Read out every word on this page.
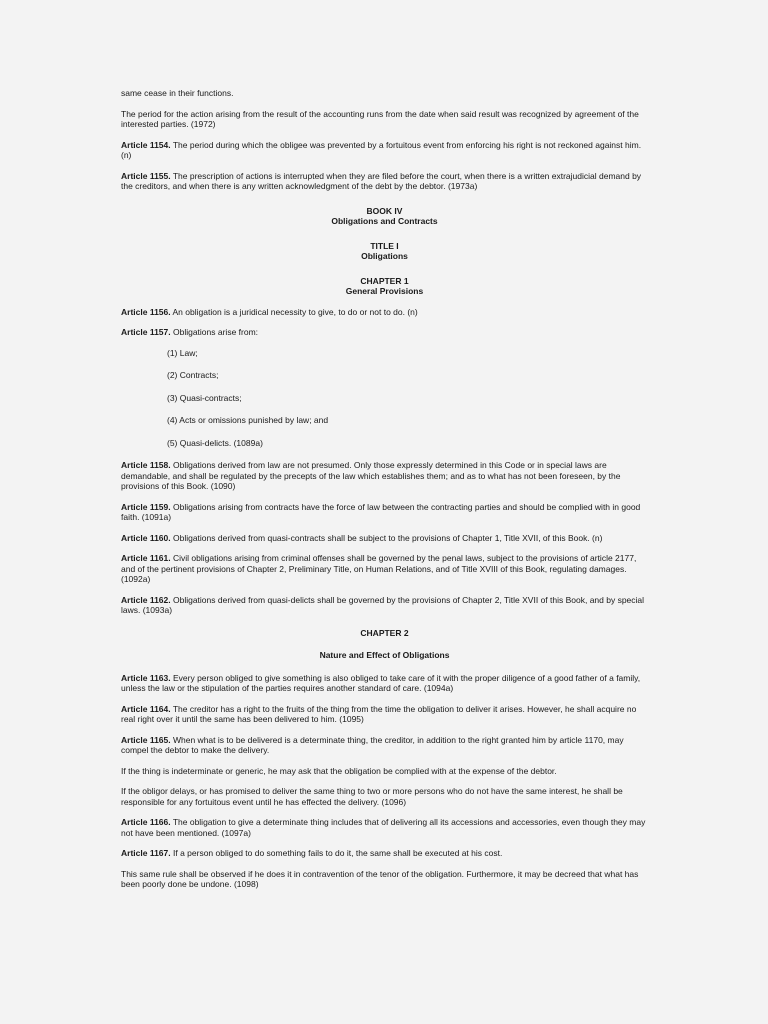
same cease in their functions.

The period for the action arising from the result of the accounting runs from the date when said result was recognized by agreement of the interested parties. (1972)

Article 1154. The period during which the obligee was prevented by a fortuitous event from enforcing his right is not reckoned against him. (n)

Article 1155. The prescription of actions is interrupted when they are filed before the court, when there is a written extrajudicial demand by the creditors, and when there is any written acknowledgment of the debt by the debtor. (1973a)

BOOK IV
Obligations and Contracts
TITLE I
Obligations
CHAPTER 1
General Provisions

Article 1156. An obligation is a juridical necessity to give, to do or not to do. (n)

Article 1157. Obligations arise from:

(1) Law;

(2) Contracts;

(3) Quasi-contracts;

(4) Acts or omissions punished by law; and

(5) Quasi-delicts. (1089a)

Article 1158. Obligations derived from law are not presumed. Only those expressly determined in this Code or in special laws are demandable, and shall be regulated by the precepts of the law which establishes them; and as to what has not been foreseen, by the provisions of this Book. (1090)

Article 1159. Obligations arising from contracts have the force of law between the contracting parties and should be complied with in good faith. (1091a)

Article 1160. Obligations derived from quasi-contracts shall be subject to the provisions of Chapter 1, Title XVII, of this Book. (n)

Article 1161. Civil obligations arising from criminal offenses shall be governed by the penal laws, subject to the provisions of article 2177, and of the pertinent provisions of Chapter 2, Preliminary Title, on Human Relations, and of Title XVIII of this Book, regulating damages. (1092a)

Article 1162. Obligations derived from quasi-delicts shall be governed by the provisions of Chapter 2, Title XVII of this Book, and by special laws. (1093a)

CHAPTER 2
Nature and Effect of Obligations

Article 1163. Every person obliged to give something is also obliged to take care of it with the proper diligence of a good father of a family, unless the law or the stipulation of the parties requires another standard of care. (1094a)

Article 1164. The creditor has a right to the fruits of the thing from the time the obligation to deliver it arises. However, he shall acquire no real right over it until the same has been delivered to him. (1095)

Article 1165. When what is to be delivered is a determinate thing, the creditor, in addition to the right granted him by article 1170, may compel the debtor to make the delivery.

If the thing is indeterminate or generic, he may ask that the obligation be complied with at the expense of the debtor.

If the obligor delays, or has promised to deliver the same thing to two or more persons who do not have the same interest, he shall be responsible for any fortuitous event until he has effected the delivery. (1096)

Article 1166. The obligation to give a determinate thing includes that of delivering all its accessions and accessories, even though they may not have been mentioned. (1097a)

Article 1167. If a person obliged to do something fails to do it, the same shall be executed at his cost.

This same rule shall be observed if he does it in contravention of the tenor of the obligation. Furthermore, it may be decreed that what has been poorly done be undone. (1098)
